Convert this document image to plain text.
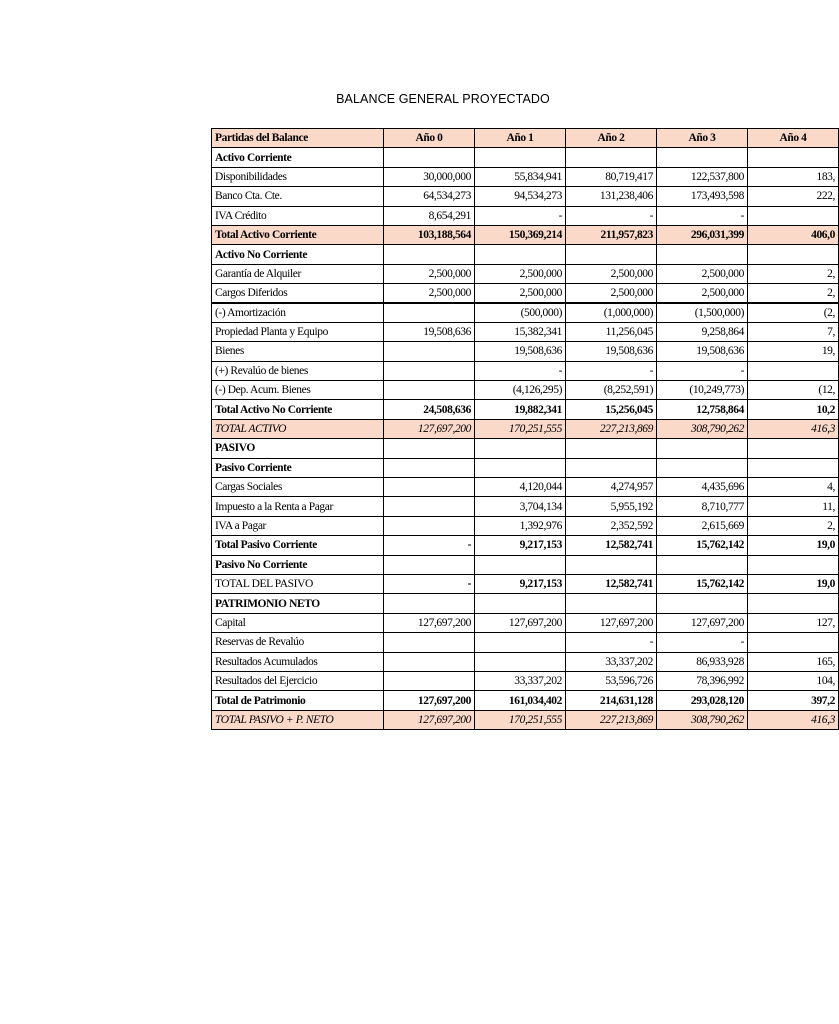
BALANCE GENERAL PROYECTADO
Partidas del Balance	Año 0	Año 1	Año 2	Año 3	Año 4
Activo Corriente					
Disponibilidades	30,000,000	55,834,941	80,719,417	122,537,800	183,
Banco Cta. Cte.	64,534,273	94,534,273	131,238,406	173,493,598	222,
IVA Crédito	8,654,291	-	-	-	
Total Activo Corriente	103,188,564	150,369,214	211,957,823	296,031,399	406,0
Activo No Corriente					
Garantía de Alquiler	2,500,000	2,500,000	2,500,000	2,500,000	2,
Cargos Diferidos	2,500,000	2,500,000	2,500,000	2,500,000	2,
(-) Amortización		(500,000)	(1,000,000)	(1,500,000)	(2,
Propiedad Planta y Equipo	19,508,636	15,382,341	11,256,045	9,258,864	7,
Bienes		19,508,636	19,508,636	19,508,636	19,
(+) Revalúo de bienes		-	-	-	
(-) Dep. Acum. Bienes		(4,126,295)	(8,252,591)	(10,249,773)	(12,
Total Activo No Corriente	24,508,636	19,882,341	15,256,045	12,758,864	10,2
TOTAL ACTIVO	127,697,200	170,251,555	227,213,869	308,790,262	416,3
PASIVO					
Pasivo Corriente					
Cargas Sociales		4,120,044	4,274,957	4,435,696	4,
Impuesto a la Renta a Pagar		3,704,134	5,955,192	8,710,777	11,
IVA a Pagar		1,392,976	2,352,592	2,615,669	2,
Total Pasivo Corriente	-	9,217,153	12,582,741	15,762,142	19,0
Pasivo No Corriente					
TOTAL DEL PASIVO	-	9,217,153	12,582,741	15,762,142	19,0
PATRIMONIO NETO					
Capital	127,697,200	127,697,200	127,697,200	127,697,200	127,
Reservas de Revalúo			-	-	
Resultados Acumulados			33,337,202	86,933,928	165,
Resultados del Ejercicio		33,337,202	53,596,726	78,396,992	104,
Total de Patrimonio	127,697,200	161,034,402	214,631,128	293,028,120	397,2
TOTAL PASIVO + P. NETO	127,697,200	170,251,555	227,213,869	308,790,262	416,3
